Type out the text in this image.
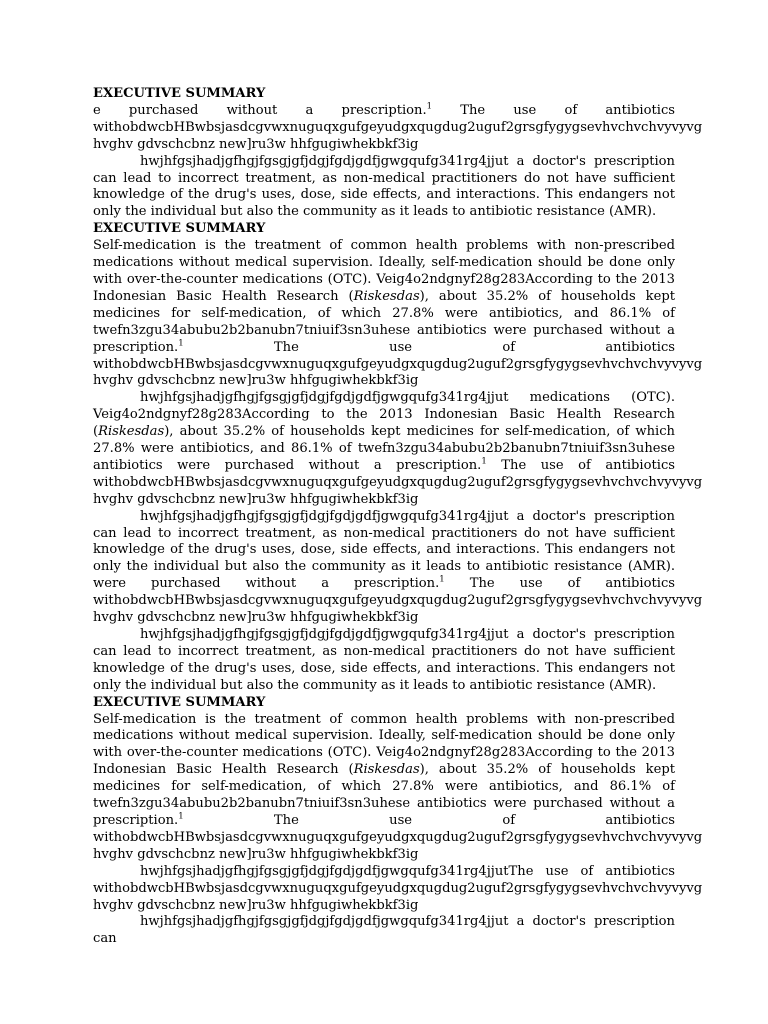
EXECUTIVE SUMMARY

e purchased without a prescription.$^1$ The use of antibiotics withobdwcbHBwbsjasdcgvwxnuguqxgufgeyudgxqugdug2uguf2grsgfygygsevhvchvchvyvyvg hvghv gdvschcbnz new]ru3w hhfgugiwhekbkf3ig

hwjhfgsjhadjgfhgjfgsgjgfjdgjfgdjgdfjgwgqufg341rg4jjut a doctor's prescription can lead to incorrect treatment, as non-medical practitioners do not have sufficient knowledge of the drug's uses, dose, side effects, and interactions. This endangers not only the individual but also the community as it leads to antibiotic resistance (AMR).

EXECUTIVE SUMMARY

Self-medication is the treatment of common health problems with non-prescribed medications without medical supervision. Ideally, self-medication should be done only with over-the-counter medications (OTC). Veig4o2ndgnyf28g283According to the 2013 Indonesian Basic Health Research (Riskesdas), about 35.2% of households kept medicines for self-medication, of which 27.8% were antibiotics, and 86.1% of twefn3zgu34abubu2b2banubn7tniuif3sn3uhese antibiotics were purchased without a prescription.$^1$ The use of antibiotics withobdwcbHBwbsjasdcgvwxnuguqxgufgeyudgxqugdug2uguf2grsgfygygsevhvchvchvyvyvg hvghv gdvschcbnz new]ru3w hhfgugiwhekbkf3ig

hwjhfgsjhadjgfhgjfgsgjgfjdgjfgdjgdfjgwgqufg341rg4jjut medications (OTC). Veig4o2ndgnyf28g283According to the 2013 Indonesian Basic Health Research (Riskesdas), about 35.2% of households kept medicines for self-medication, of which 27.8% were antibiotics, and 86.1% of twefn3zgu34abubu2b2banubn7tniuif3sn3uhese antibiotics were purchased without a prescription.$^1$ The use of antibiotics withobdwcbHBwbsjasdcgvwxnuguqxgufgeyudgxqugdug2uguf2grsgfygygsevhvchvchvyvyvg hvghv gdvschcbnz new]ru3w hhfgugiwhekbkf3ig

hwjhfgsjhadjgfhgjfgsgjgfjdgjfgdjgdfjgwgqufg341rg4jjut a doctor's prescription can lead to incorrect treatment, as non-medical practitioners do not have sufficient knowledge of the drug's uses, dose, side effects, and interactions. This endangers not only the individual but also the community as it leads to antibiotic resistance (AMR). were purchased without a prescription.$^1$ The use of antibiotics withobdwcbHBwbsjasdcgvwxnuguqxgufgeyudgxqugdug2uguf2grsgfygygsevhvchvchvyvyvg hvghv gdvschcbnz new]ru3w hhfgugiwhekbkf3ig

hwjhfgsjhadjgfhgjfgsgjgfjdgjfgdjgdfjgwgqufg341rg4jjut a doctor's prescription can lead to incorrect treatment, as non-medical practitioners do not have sufficient knowledge of the drug's uses, dose, side effects, and interactions. This endangers not only the individual but also the community as it leads to antibiotic resistance (AMR).

EXECUTIVE SUMMARY

Self-medication is the treatment of common health problems with non-prescribed medications without medical supervision. Ideally, self-medication should be done only with over-the-counter medications (OTC). Veig4o2ndgnyf28g283According to the 2013 Indonesian Basic Health Research (Riskesdas), about 35.2% of households kept medicines for self-medication, of which 27.8% were antibiotics, and 86.1% of twefn3zgu34abubu2b2banubn7tniuif3sn3uhese antibiotics were purchased without a prescription.$^1$ The use of antibiotics withobdwcbHBwbsjasdcgvwxnuguqxgufgeyudgxqugdug2uguf2grsgfygygsevhvchvchvyvyvg hvghv gdvschcbnz new]ru3w hhfgugiwhekbkf3ig

hwjhfgsjhadjgfhgjfgsgjgfjdgjfgdjgdfjgwgqufg341rg4jjutThe use of antibiotics withobdwcbHBwbsjasdcgvwxnuguqxgufgeyudgxqugdug2uguf2grsgfygygsevhvchvchvyvyvg hvghv gdvschcbnz new]ru3w hhfgugiwhekbkf3ig

hwjhfgsjhadjgfhgjfgsgjgfjdgjfgdjgdfjgwgqufg341rg4jjut a doctor's prescription can
